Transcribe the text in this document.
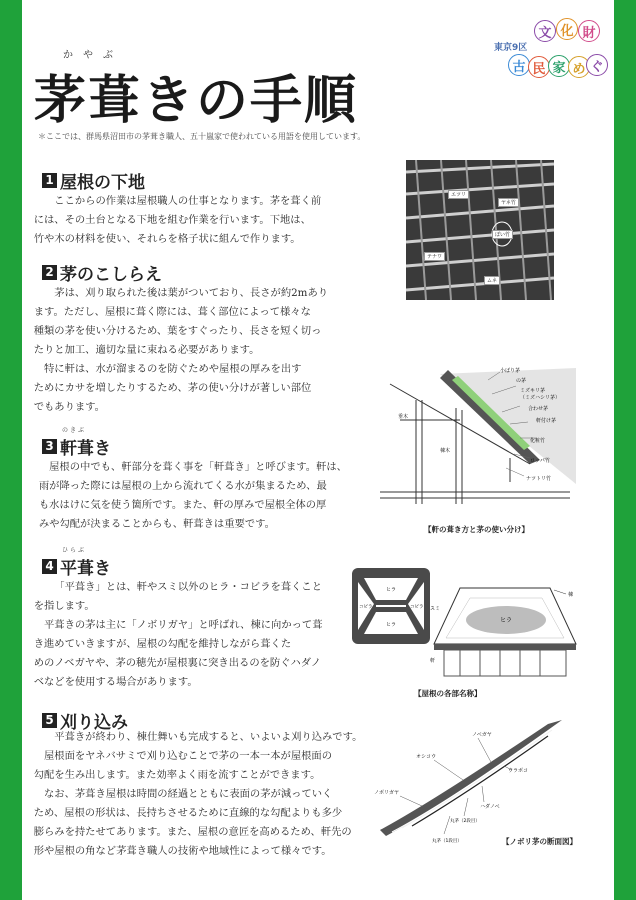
かやぶ
茅葺きの手順
＊ここでは、群馬県沼田市の茅葺き職人、五十嵐家で使われている用語を使用しています。
東京9区
文 化 財
古 民 家 め ぐ
1 屋根の下地

ここからの作業は屋根職人の仕事となります。茅を葺く前
には、その土台となる下地を組む作業を行います。下地は、
竹や木の材料を使い、それらを格子状に組んで作ります。

エツリ
ヤネ竹
ぼい竹
テナワ
ムネ
2 茅のこしらえ

茅は、刈り取られた後は葉がついており、長さが約2mあり
ます。ただし、屋根に葺く際には、葺く部位によって様々な
種類の茅を使い分けるため、葉をすぐったり、長さを短く切っ
たりと加工、適切な量に束ねる必要があります。
特に軒は、水が溜まるのを防ぐためや屋根の厚みを出す
ためにカサを増したりするため、茅の使い分けが著しい部位
でもあります。

小ばり茅
の茅
ミズキリ茅
（ミズハシリ茅）
合わせ茅
軒付け茅
化粧竹
ロッパ竹
ナツトリ竹
垂木
棟木
【軒の葺き方と茅の使い分け】
のきぶ
3 軒葺き

屋根の中でも、軒部分を葺く事を「軒葺き」と呼びます。軒は、
雨が降った際には屋根の上から流れてくる水が集まるため、最
も水はけに気を使う箇所です。また、軒の厚みで屋根全体の厚
みや勾配が決まることからも、軒葺きは重要です。

ひらぶ
4 平葺き

「平葺き」とは、軒やスミ以外のヒラ・コビラを葺くこと
を指します。
平葺きの茅は主に「ノボリガヤ」と呼ばれ、棟に向かって葺
き進めていきますが、屋根の勾配を維持しながら葺くた
めのノベガヤや、茅の穂先が屋根裏に突き出るのを防ぐハダノ
ベなどを使用する場合があります。

ヒラ
コビラ	コビラ
ヒラ
棟
スミ
ヒラ
軒
【屋根の各部名称】
5 刈り込み

平葺きが終わり、棟仕舞いも完成すると、いよいよ刈り込みです。
屋根面をヤネバサミで刈り込むことで茅の一本一本が屋根面の
勾配を生み出します。また効率よく雨を流すことができます。
なお、茅葺き屋根は時間の経過とともに表面の茅が減っていく
ため、屋根の形状は、長持ちさせるために直線的な勾配よりも多少
膨らみを持たせてあります。また、屋根の意匠を高めるため、軒先の
形や屋根の角など茅葺き職人の技術や地域性によって様々です。

ノベガヤ
オシコウ
ウラボコ
ノボリガヤ
ハダノベ
丸茅（2段目）
丸茅（1段目）	【ノボリ茅の断面図】
